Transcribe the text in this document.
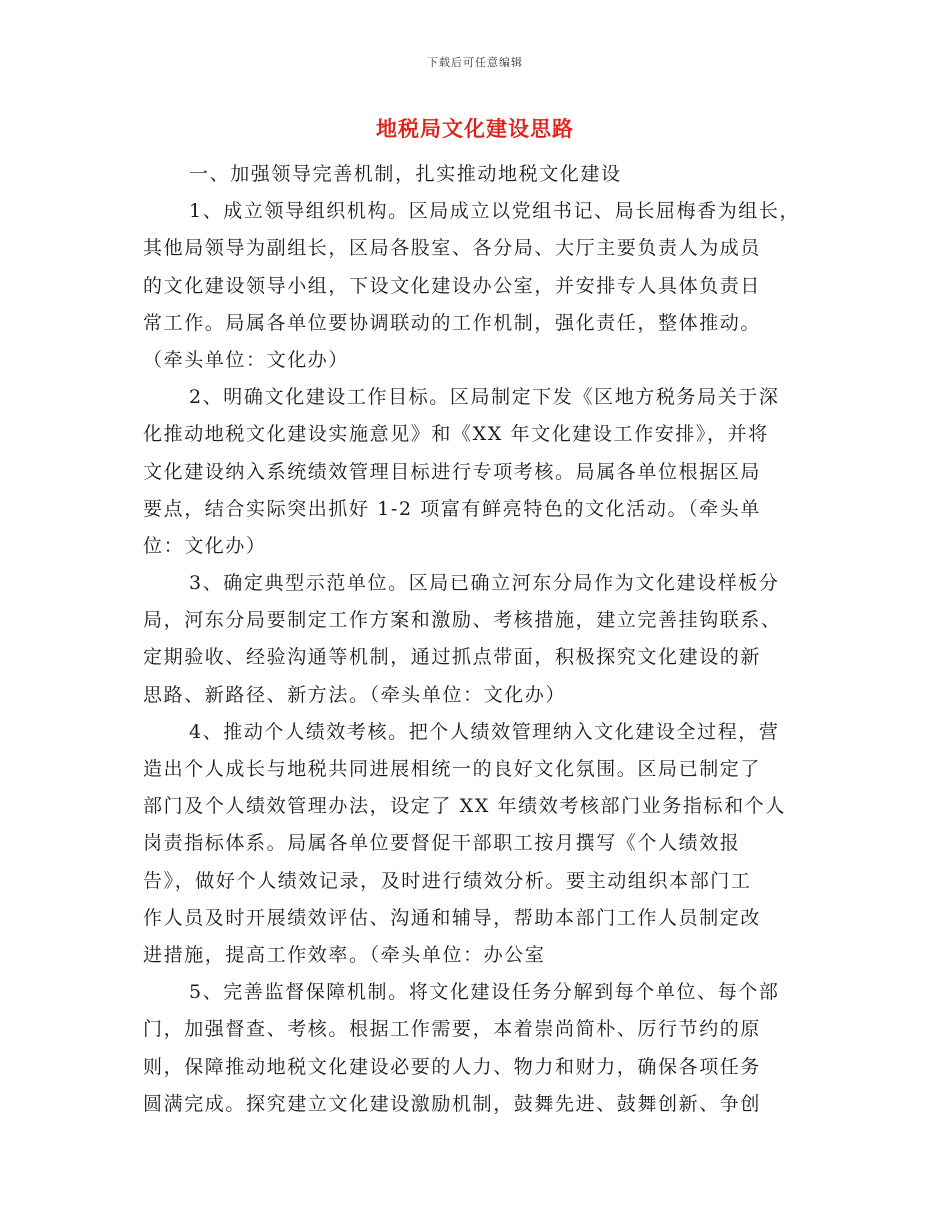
下载后可任意编辑
地税局文化建设思路
一、加强领导完善机制，扎实推动地税文化建设
1、成立领导组织机构。区局成立以党组书记、局长屈梅香为组长，
其他局领导为副组长，区局各股室、各分局、大厅主要负责人为成员
的文化建设领导小组，下设文化建设办公室，并安排专人具体负责日
常工作。局属各单位要协调联动的工作机制，强化责任，整体推动。
（牵头单位：文化办）
2、明确文化建设工作目标。区局制定下发《区地方税务局关于深
化推动地税文化建设实施意见》和《XX 年文化建设工作安排》，并将
文化建设纳入系统绩效管理目标进行专项考核。局属各单位根据区局
要点，结合实际突出抓好 1-2 项富有鲜亮特色的文化活动。（牵头单
位：文化办）
3、确定典型示范单位。区局已确立河东分局作为文化建设样板分
局，河东分局要制定工作方案和激励、考核措施，建立完善挂钩联系、
定期验收、经验沟通等机制，通过抓点带面，积极探究文化建设的新
思路、新路径、新方法。（牵头单位：文化办）
4、推动个人绩效考核。把个人绩效管理纳入文化建设全过程，营
造出个人成长与地税共同进展相统一的良好文化氛围。区局已制定了
部门及个人绩效管理办法，设定了 XX 年绩效考核部门业务指标和个人
岗责指标体系。局属各单位要督促干部职工按月撰写《个人绩效报
告》，做好个人绩效记录，及时进行绩效分析。要主动组织本部门工
作人员及时开展绩效评估、沟通和辅导，帮助本部门工作人员制定改
进措施，提高工作效率。（牵头单位：办公室
5、完善监督保障机制。将文化建设任务分解到每个单位、每个部
门，加强督查、考核。根据工作需要，本着崇尚简朴、厉行节约的原
则，保障推动地税文化建设必要的人力、物力和财力，确保各项任务
圆满完成。探究建立文化建设激励机制，鼓舞先进、鼓舞创新、争创
